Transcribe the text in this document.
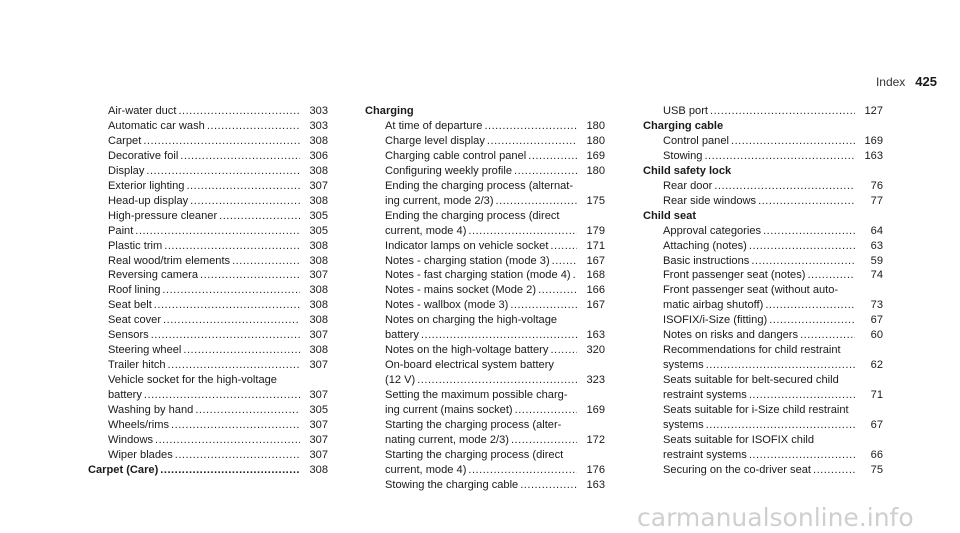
Index 425
Air-water duct .....	303
Automatic car wash .....	303
Carpet .....	308
Decorative foil .....	306
Display .....	308
Exterior lighting .....	307
Head-up display .....	308
High-pressure cleaner .....	305
Paint .....	305
Plastic trim .....	308
Real wood/trim elements .....	308
Reversing camera .....	307
Roof lining .....	308
Seat belt .....	308
Seat cover .....	308
Sensors .....	307
Steering wheel .....	308
Trailer hitch .....	307
Vehicle socket for the high-voltage
battery .....	307
Washing by hand .....	305
Wheels/rims .....	307
Windows .....	307
Wiper blades .....	307
Carpet (Care) .....	308
Charging
At time of departure .....	180
Charge level display .....	180
Charging cable control panel .....	169
Configuring weekly profile .....	180
Ending the charging process (alternat-
ing current, mode 2/3) .....	175
Ending the charging process (direct
current, mode 4) .....	179
Indicator lamps on vehicle socket .....	171
Notes - charging station (mode 3) .....	167
Notes - fast charging station (mode 4) .....	168
Notes - mains socket (Mode 2) .....	166
Notes - wallbox (mode 3) .....	167
Notes on charging the high-voltage
battery .....	163
Notes on the high-voltage battery .....	320
On-board electrical system battery
(12 V) .....	323
Setting the maximum possible charg-
ing current (mains socket) .....	169
Starting the charging process (alter-
nating current, mode 2/3) .....	172
Starting the charging process (direct
current, mode 4) .....	176
Stowing the charging cable .....	163
USB port .....	127
Charging cable
Control panel .....	169
Stowing .....	163
Child safety lock
Rear door .....	76
Rear side windows .....	77
Child seat
Approval categories .....	64
Attaching (notes) .....	63
Basic instructions .....	59
Front passenger seat (notes) .....	74
Front passenger seat (without auto-
matic airbag shutoff) .....	73
ISOFIX/i-Size (fitting) .....	67
Notes on risks and dangers .....	60
Recommendations for child restraint
systems .....	62
Seats suitable for belt-secured child
restraint systems .....	71
Seats suitable for i-Size child restraint
systems .....	67
Seats suitable for ISOFIX child
restraint systems .....	66
Securing on the co-driver seat .....	75
carmanualsonline.info
